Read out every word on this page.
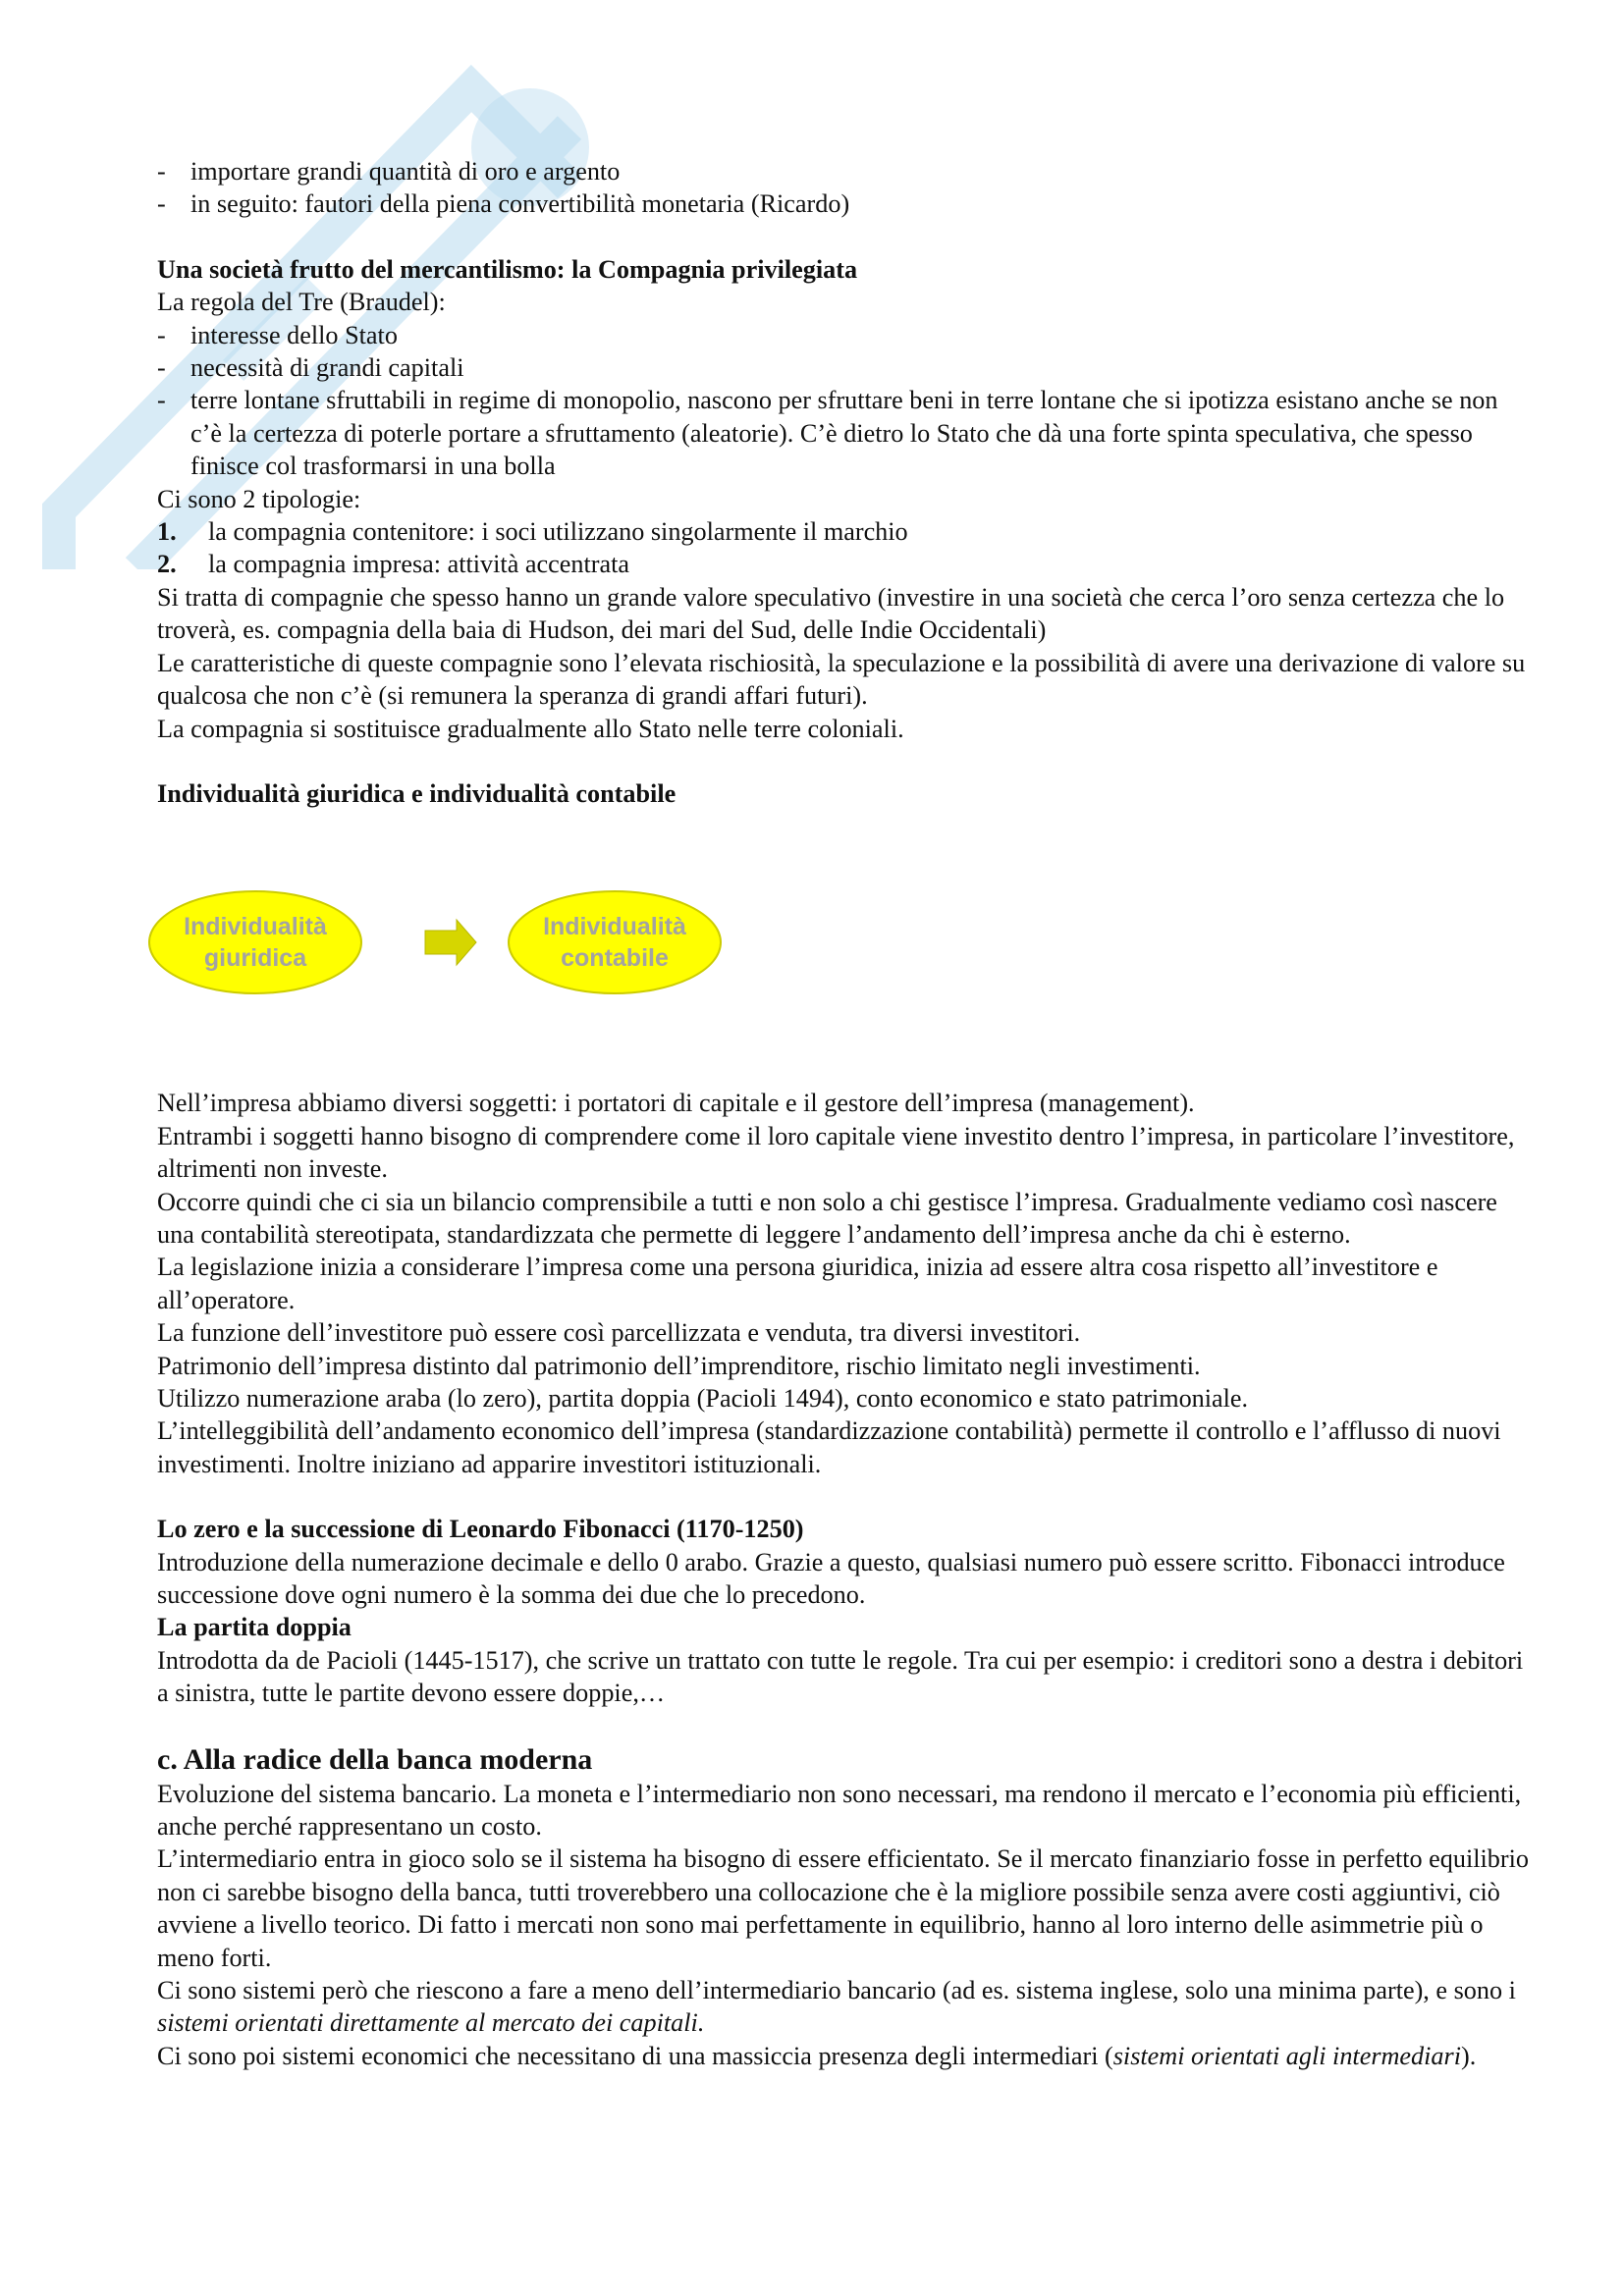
- importare grandi quantità di oro e argento
- in seguito: fautori della piena convertibilità monetaria (Ricardo)

Una società frutto del mercantilismo: la Compagnia privilegiata

La regola del Tre (Braudel):

- interesse dello Stato
- necessità di grandi capitali
- terre lontane sfruttabili in regime di monopolio, nascono per sfruttare beni in terre lontane che si ipotizza esistano anche se non c’è la certezza di poterle portare a sfruttamento (aleatorie). C’è dietro lo Stato che dà una forte spinta speculativa, che spesso finisce col trasformarsi in una bolla

Ci sono 2 tipologie:

1. la compagnia contenitore: i soci utilizzano singolarmente il marchio
2. la compagnia impresa: attività accentrata

Si tratta di compagnie che spesso hanno un grande valore speculativo (investire in una società che cerca l’oro senza certezza che lo troverà, es. compagnia della baia di Hudson, dei mari del Sud, delle Indie Occidentali)

Le caratteristiche di queste compagnie sono l’elevata rischiosità, la speculazione e la possibilità di avere una derivazione di valore su qualcosa che non c’è (si remunera la speranza di grandi affari futuri).

La compagnia si sostituisce gradualmente allo Stato nelle terre coloniali.

Individualità giuridica e individualità contabile

Individualità
giuridica
Individualità
contabile

Nell’impresa abbiamo diversi soggetti: i portatori di capitale e il gestore dell’impresa (management).

Entrambi i soggetti hanno bisogno di comprendere come il loro capitale viene investito dentro l’impresa, in particolare l’investitore, altrimenti non investe.

Occorre quindi che ci sia un bilancio comprensibile a tutti e non solo a chi gestisce l’impresa. Gradualmente vediamo così nascere una contabilità stereotipata, standardizzata che permette di leggere l’andamento dell’impresa anche da chi è esterno.

La legislazione inizia a considerare l’impresa come una persona giuridica, inizia ad essere altra cosa rispetto all’investitore e all’operatore.

La funzione dell’investitore può essere così parcellizzata e venduta, tra diversi investitori.

Patrimonio dell’impresa distinto dal patrimonio dell’imprenditore, rischio limitato negli investimenti.

Utilizzo numerazione araba (lo zero), partita doppia (Pacioli 1494), conto economico e stato patrimoniale.

L’intelleggibilità dell’andamento economico dell’impresa (standardizzazione contabilità) permette il controllo e l’afflusso di nuovi investimenti. Inoltre iniziano ad apparire investitori istituzionali.

Lo zero e la successione di Leonardo Fibonacci (1170-1250)

Introduzione della numerazione decimale e dello 0 arabo. Grazie a questo, qualsiasi numero può essere scritto. Fibonacci introduce successione dove ogni numero è la somma dei due che lo precedono.

La partita doppia

Introdotta da de Pacioli (1445-1517), che scrive un trattato con tutte le regole. Tra cui per esempio: i creditori sono a destra i debitori a sinistra, tutte le partite devono essere doppie,…

c. Alla radice della banca moderna

Evoluzione del sistema bancario. La moneta e l’intermediario non sono necessari, ma rendono il mercato e l’economia più efficienti, anche perché rappresentano un costo.

L’intermediario entra in gioco solo se il sistema ha bisogno di essere efficientato. Se il mercato finanziario fosse in perfetto equilibrio non ci sarebbe bisogno della banca, tutti troverebbero una collocazione che è la migliore possibile senza avere costi aggiuntivi, ciò avviene a livello teorico. Di fatto i mercati non sono mai perfettamente in equilibrio, hanno al loro interno delle asimmetrie più o meno forti.

Ci sono sistemi però che riescono a fare a meno dell’intermediario bancario (ad es. sistema inglese, solo una minima parte), e sono i sistemi orientati direttamente al mercato dei capitali.

Ci sono poi sistemi economici che necessitano di una massiccia presenza degli intermediari (sistemi orientati agli intermediari).
